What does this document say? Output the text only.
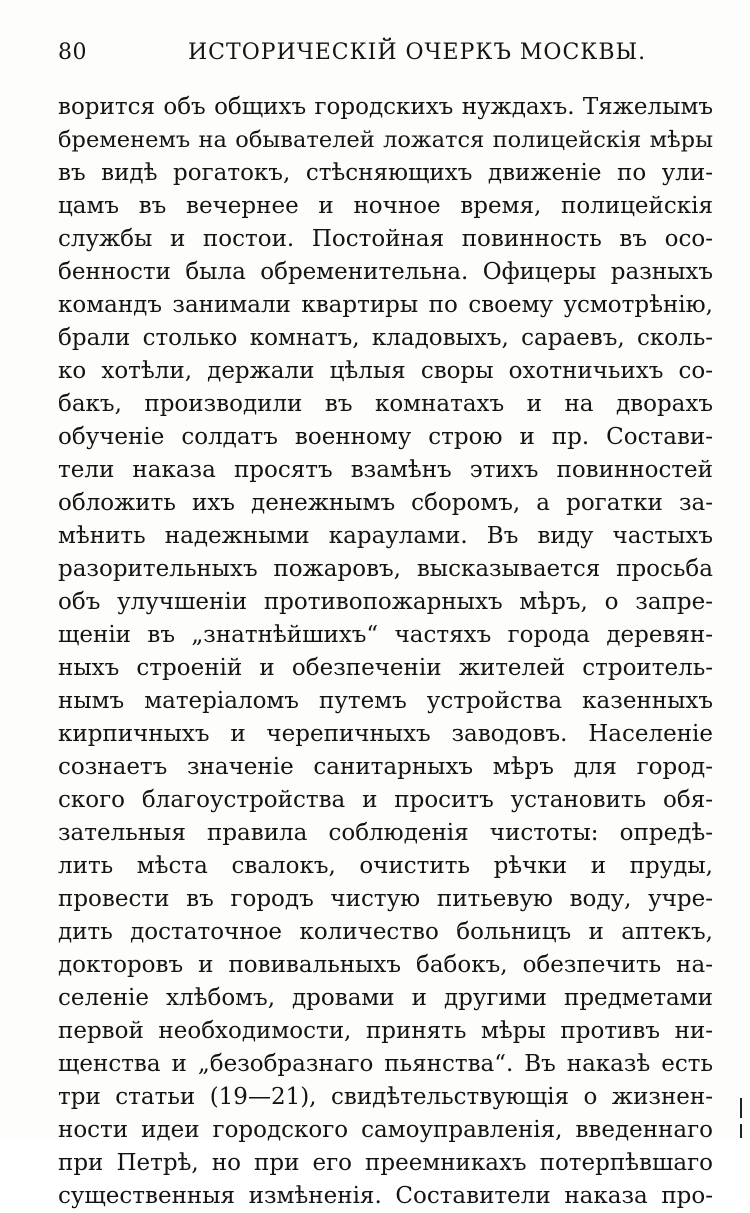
80	ИСТОРИЧЕСКІЙ ОЧЕРКЪ МОСКВЫ.
ворится объ общихъ городскихъ нуждахъ. Тяжелымъ
бременемъ на обывателей ложатся полицейскія мѣры
въ видѣ рогатокъ, стѣсняющихъ движеніе по ули-
цамъ въ вечернее и ночное время, полицейскія
службы и постои. Постойная повинность въ осо-
бенности была обременительна. Офицеры разныхъ
командъ занимали квартиры по своему усмотрѣнію,
брали столько комнатъ, кладовыхъ, сараевъ, сколь-
ко хотѣли, держали цѣлыя своры охотничьихъ со-
бакъ, производили въ комнатахъ и на дворахъ
обученіе солдатъ военному строю и пр. Состави-
тели наказа просятъ взамѣнъ этихъ повинностей
обложить ихъ денежнымъ сборомъ, а рогатки за-
мѣнить надежными караулами. Въ виду частыхъ
разорительныхъ пожаровъ, высказывается просьба
объ улучшеніи противопожарныхъ мѣръ, о запре-
щеніи въ „знатнѣйшихъ“ частяхъ города деревян-
ныхъ строеній и обезпеченіи жителей строитель-
нымъ матеріаломъ путемъ устройства казенныхъ
кирпичныхъ и черепичныхъ заводовъ. Населеніе
сознаетъ значеніе санитарныхъ мѣръ для город-
ского благоустройства и проситъ установить обя-
зательныя правила соблюденія чистоты: опредѣ-
лить мѣста свалокъ, очистить рѣчки и пруды,
провести въ городъ чистую питьевую воду, учре-
дить достаточное количество больницъ и аптекъ,
докторовъ и повивальныхъ бабокъ, обезпечить на-
селеніе хлѣбомъ, дровами и другими предметами
первой необходимости, принять мѣры противъ ни-
щенства и „безобразнаго пьянства“. Въ наказѣ есть
три статьи (19—21), свидѣтельствующія о жизнен-
ности идеи городского самоуправленія, введеннаго
при Петрѣ, но при его преемникахъ потерпѣвшаго
существенныя измѣненія. Составители наказа про-
